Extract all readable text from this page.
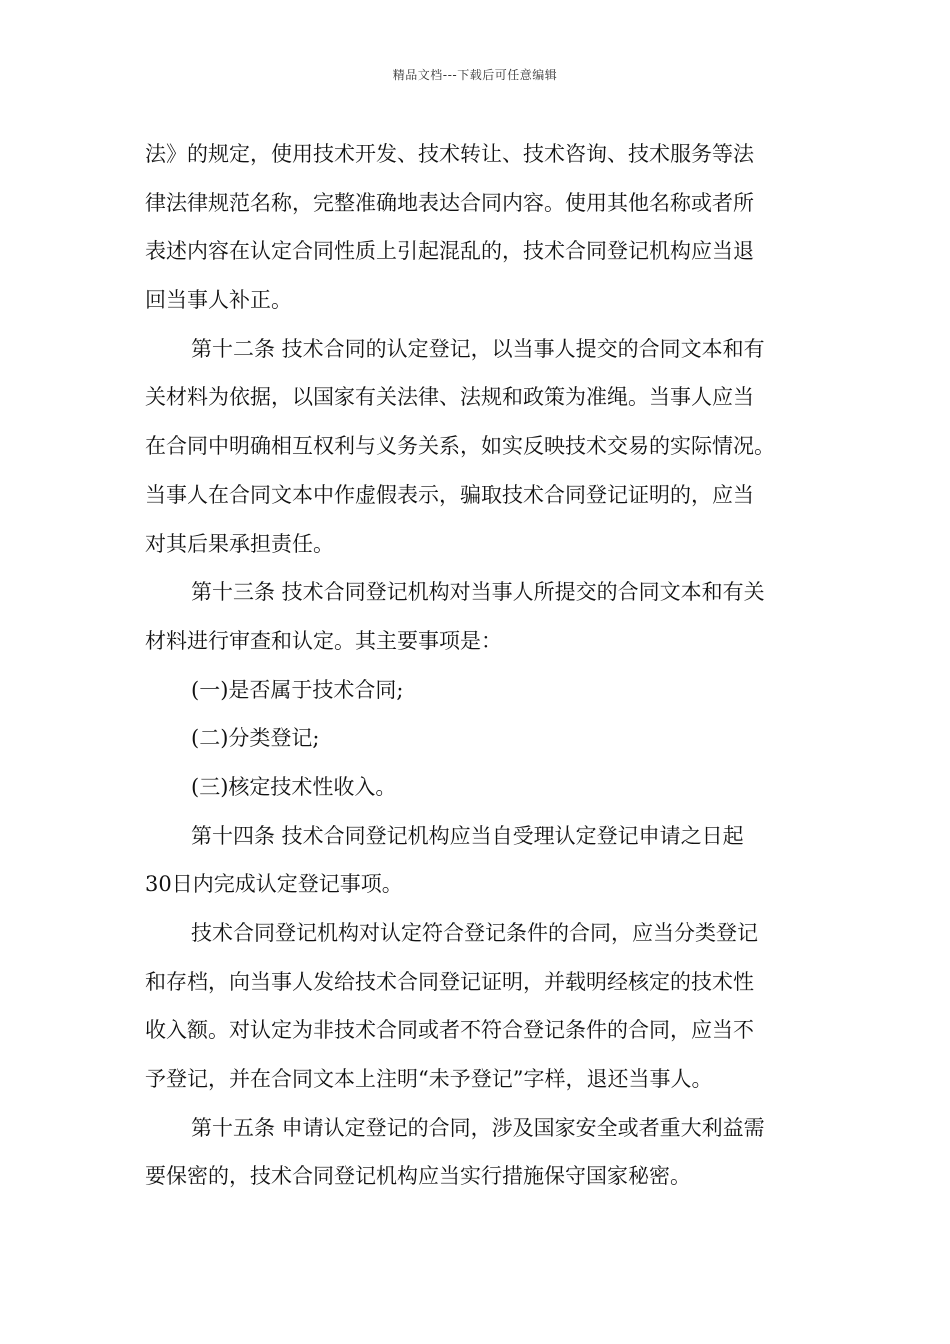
精品文档---下载后可任意编辑
法》的规定，使用技术开发、技术转让、技术咨询、技术服务等法
律法律规范名称，完整准确地表达合同内容。使用其他名称或者所
表述内容在认定合同性质上引起混乱的，技术合同登记机构应当退
回当事人补正。
第十二条 技术合同的认定登记，以当事人提交的合同文本和有
关材料为依据，以国家有关法律、法规和政策为准绳。当事人应当
在合同中明确相互权利与义务关系，如实反映技术交易的实际情况。
当事人在合同文本中作虚假表示，骗取技术合同登记证明的，应当
对其后果承担责任。
第十三条 技术合同登记机构对当事人所提交的合同文本和有关
材料进行审查和认定。其主要事项是：
(一)是否属于技术合同;
(二)分类登记;
(三)核定技术性收入。
第十四条 技术合同登记机构应当自受理认定登记申请之日起
30日内完成认定登记事项。
技术合同登记机构对认定符合登记条件的合同，应当分类登记
和存档，向当事人发给技术合同登记证明，并载明经核定的技术性
收入额。对认定为非技术合同或者不符合登记条件的合同，应当不
予登记，并在合同文本上注明“未予登记”字样，退还当事人。
第十五条 申请认定登记的合同，涉及国家安全或者重大利益需
要保密的，技术合同登记机构应当实行措施保守国家秘密。
